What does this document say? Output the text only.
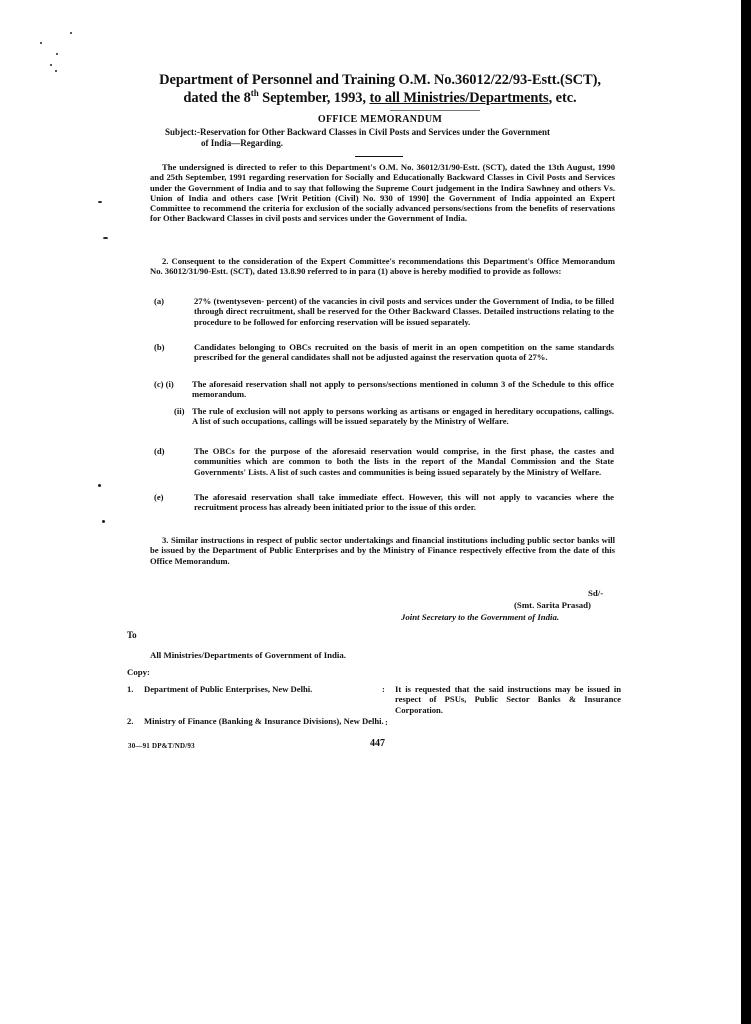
Department of Personnel and Training O.M. No.36012/22/93-Estt.(SCT),
dated the 8th September, 1993, to all Ministries/Departments, etc.
OFFICE MEMORANDUM
Subject:-Reservation for Other Backward Classes in Civil Posts and Services under the Government
of India—Regarding.
The undersigned is directed to refer to this Department's O.M. No. 36012/31/90-Estt. (SCT), dated the 13th August, 1990 and 25th September, 1991 regarding reservation for Socially and Educationally Backward Classes in Civil Posts and Services under the Government of India and to say that following the Supreme Court judgement in the Indira Sawhney and others Vs. Union of India and others case [Writ Petition (Civil) No. 930 of 1990] the Government of India appointed an Expert Committee to recommend the criteria for exclusion of the socially advanced persons/sections from the benefits of reservations for Other Backward Classes in civil posts and services under the Government of India.
2. Consequent to the consideration of the Expert Committee's recommendations this Department's Office Memorandum No. 36012/31/90-Estt. (SCT), dated 13.8.90 referred to in para (1) above is hereby modified to provide as follows:
(a)	27% (twentyseven- percent) of the vacancies in civil posts and services under the Government of India, to be filled through direct recruitment, shall be reserved for the Other Backward Classes. Detailed instructions relating to the procedure to be followed for enforcing reservation will be issued separately.
(b)	Candidates belonging to OBCs recruited on the basis of merit in an open competition on the same standards prescribed for the general candidates shall not be adjusted against the reservation quota of 27%.
(c) (i) The aforesaid reservation shall not apply to persons/sections mentioned in column 3 of the Schedule to this office memorandum.
(ii) The rule of exclusion will not apply to persons working as artisans or engaged in hereditary occupations, callings. A list of such occupations, callings will be issued separately by the Ministry of Welfare.
(d)	The OBCs for the purpose of the aforesaid reservation would comprise, in the first phase, the castes and communities which are common to both the lists in the report of the Mandal Commission and the State Governments' Lists. A list of such castes and communities is being issued separately by the Ministry of Welfare.
(e)	The aforesaid reservation shall take immediate effect. However, this will not apply to vacancies where the recruitment process has already been initiated prior to the issue of this order.
3. Similar instructions in respect of public sector undertakings and financial institutions including public sector banks will be issued by the Department of Public Enterprises and by the Ministry of Finance respectively effective from the date of this Office Memorandum.
Sd/-
(Smt. Sarita Prasad)
Joint Secretary to the Government of India.
To
All Ministries/Departments of Government of India.
Copy:
1. Department of Public Enterprises, New Delhi.	: It is requested that the said instructions may be issued in respect of PSUs, Public Sector Banks & Insurance Corporation.
2. Ministry of Finance (Banking & Insurance Divisions), New Delhi. :
30—91 DP&T/ND/93	447
